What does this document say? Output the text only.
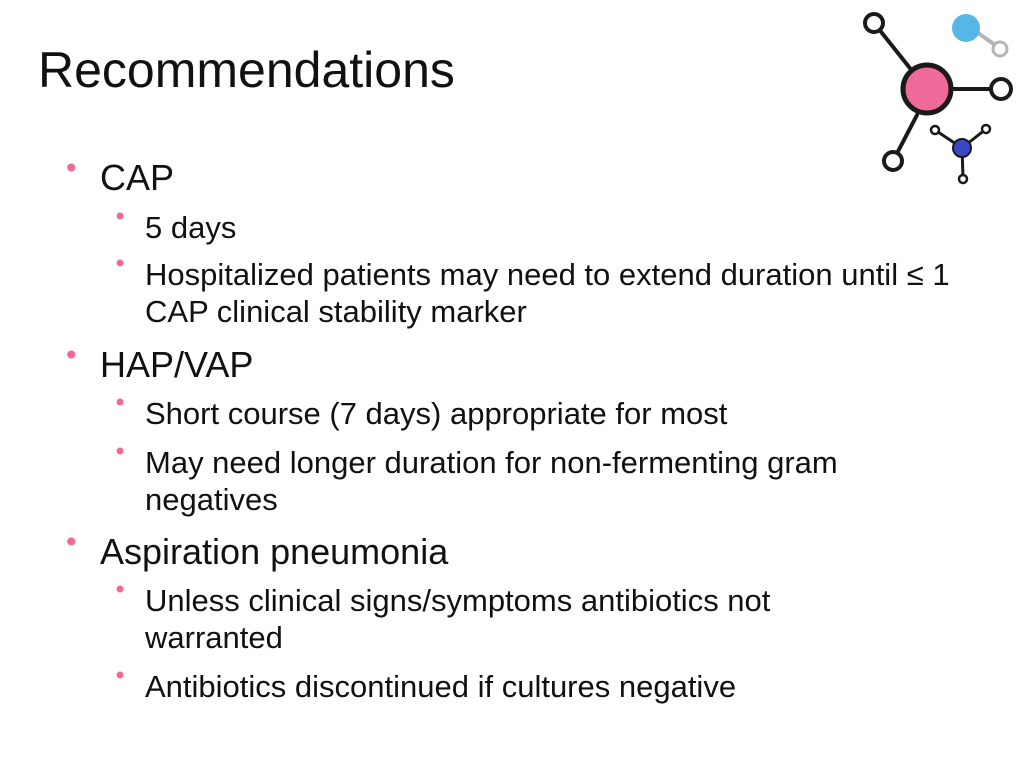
Recommendations
• CAP
• 5 days
• Hospitalized patients may need to extend duration until ≤ 1 CAP clinical stability marker
• HAP/VAP
• Short course (7 days) appropriate for most
• May need longer duration for non-fermenting gram negatives
• Aspiration pneumonia
• Unless clinical signs/symptoms antibiotics not warranted
• Antibiotics discontinued if cultures negative
